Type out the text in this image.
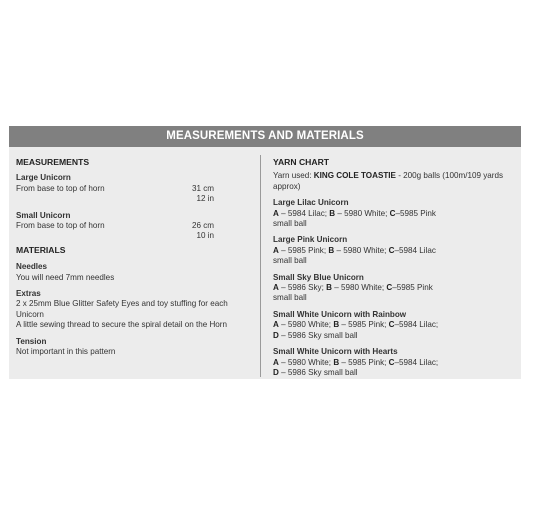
MEASUREMENTS AND MATERIALS
MEASUREMENTS
Large Unicorn
From base to top of horn	31 cm
12 in
Small Unicorn
From base to top of horn	26 cm
10 in
MATERIALS
Needles
You will need 7mm needles
Extras
2 x 25mm Blue Glitter Safety Eyes and toy stuffing for each
Unicorn
A little sewing thread to secure the spiral detail on the Horn
Tension
Not important in this pattern
YARN CHART
Yarn used: KING COLE TOASTIE - 200g balls (100m/109 yards
approx)
Large Lilac Unicorn
A – 5984 Lilac; B – 5980 White; C–5985 Pink
small ball
Large Pink Unicorn
A – 5985 Pink; B – 5980 White; C–5984 Lilac
small ball
Small Sky Blue Unicorn
A – 5986 Sky; B – 5980 White; C–5985 Pink
small ball
Small White Unicorn with Rainbow
A – 5980 White; B – 5985 Pink; C–5984 Lilac;
D – 5986 Sky small ball
Small White Unicorn with Hearts
A – 5980 White; B – 5985 Pink; C–5984 Lilac;
D – 5986 Sky small ball
